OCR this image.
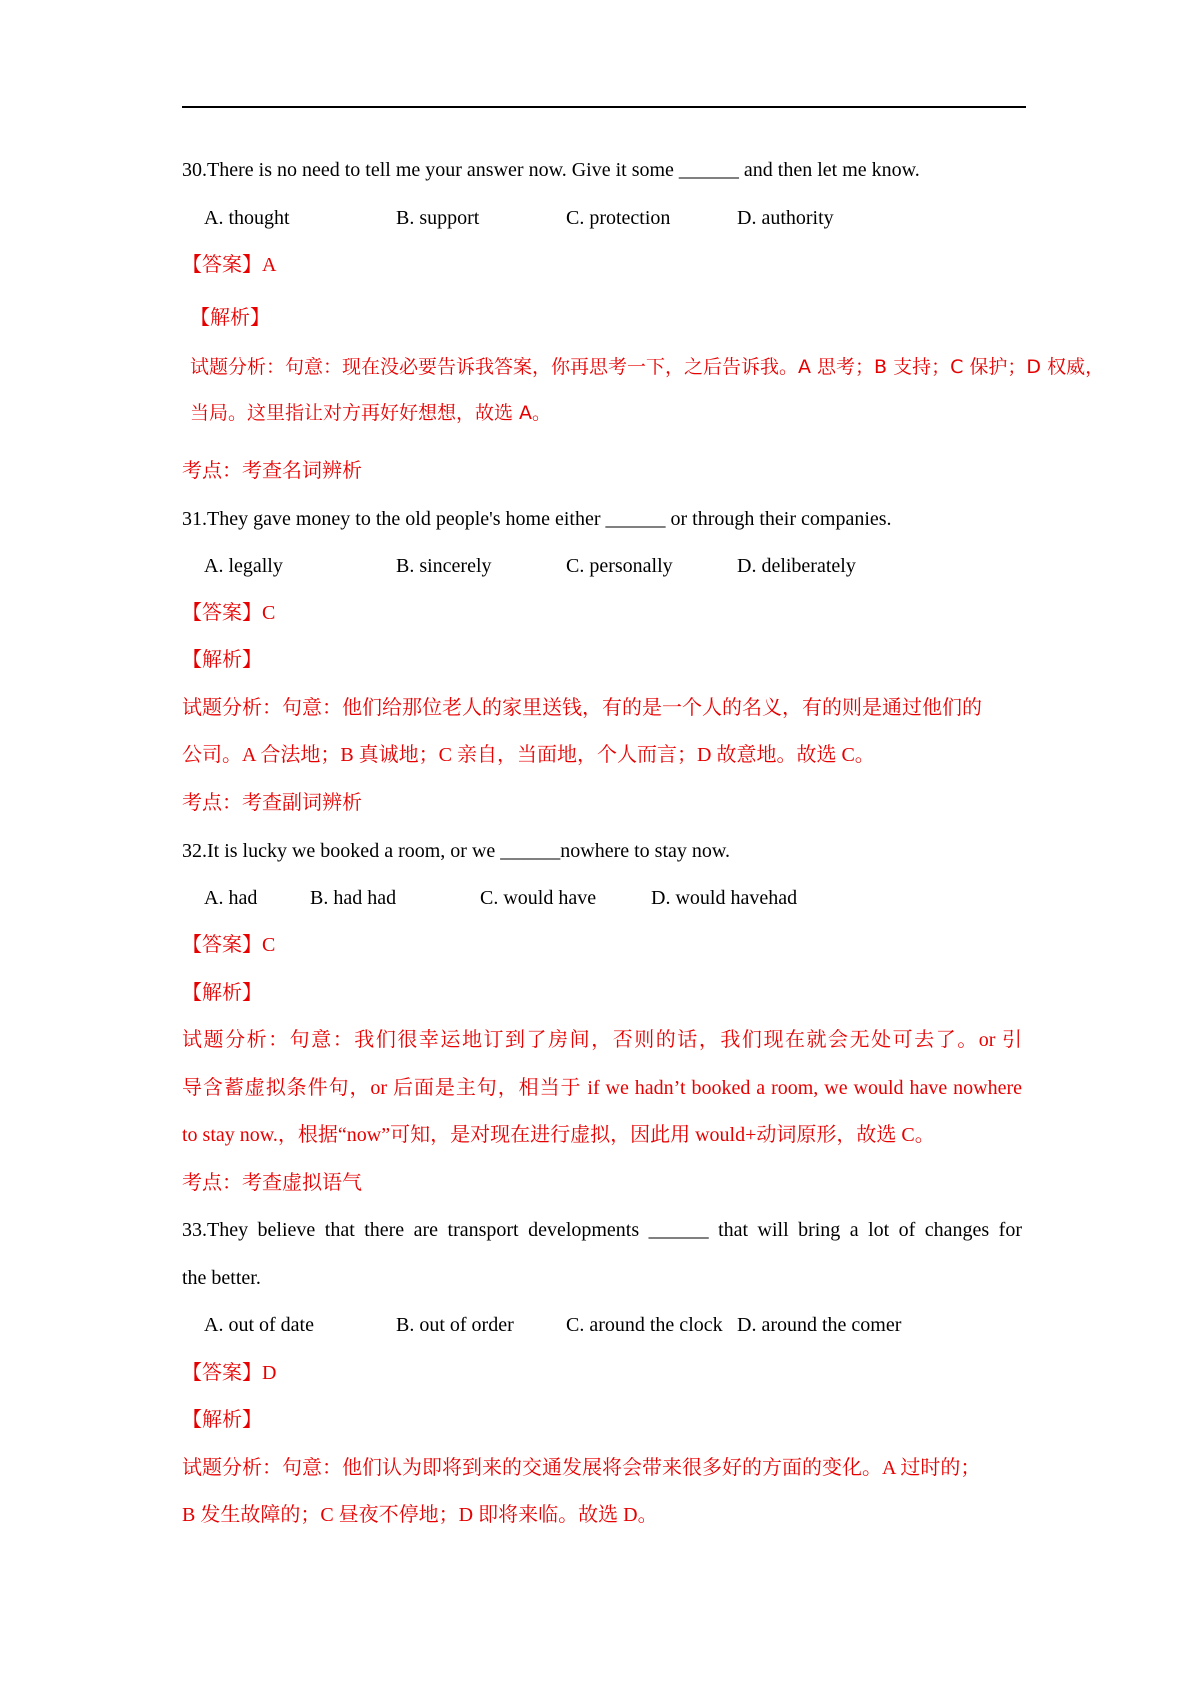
30.There is no need to tell me your answer now. Give it some ______ and then let me know.
A. thought	B. support	C. protection	D. authority
【答案】A
【解析】
试题分析：句意：现在没必要告诉我答案，你再思考一下，之后告诉我。A 思考；B 支持；C 保护；D 权威，
当局。这里指让对方再好好想想，故选 A。
考点：考查名词辨析
31.They gave money to the old people's home either ______ or through their companies.
A. legally	B. sincerely	C. personally	D. deliberately
【答案】C
【解析】
试题分析：句意：他们给那位老人的家里送钱，有的是一个人的名义，有的则是通过他们的
公司。A 合法地；B 真诚地；C 亲自，当面地，个人而言；D 故意地。故选 C。
考点：考查副词辨析
32.It is lucky we booked a room, or we ______nowhere to stay now.
A. had	B. had had	C. would have	D. would havehad
【答案】C
【解析】
试题分析：句意：我们很幸运地订到了房间，否则的话，我们现在就会无处可去了。or 引
导含蓄虚拟条件句，or 后面是主句，相当于 if we hadn’t booked a room, we would have nowhere
to stay now.，根据“now”可知，是对现在进行虚拟，因此用 would+动词原形，故选 C。
考点：考查虚拟语气
33.They believe that there are transport developments ______ that will bring a lot of changes for
the better.
A. out of date	B. out of order	C. around the clock D. around the comer
【答案】D
【解析】
试题分析：句意：他们认为即将到来的交通发展将会带来很多好的方面的变化。A 过时的；
B 发生故障的；C 昼夜不停地；D 即将来临。故选 D。
